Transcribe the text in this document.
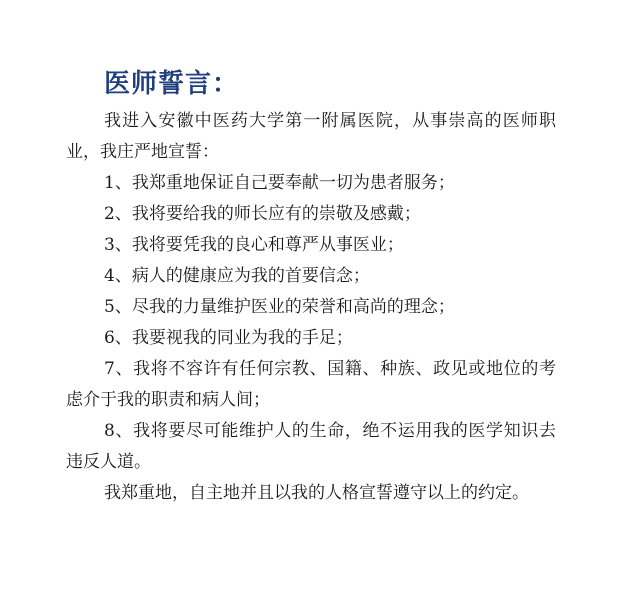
医师誓言：

我进入安徽中医药大学第一附属医院，从事崇高的医师职业，我庄严地宣誓：

1、我郑重地保证自己要奉献一切为患者服务；

2、我将要给我的师长应有的崇敬及感戴；

3、我将要凭我的良心和尊严从事医业；

4、病人的健康应为我的首要信念；

5、尽我的力量维护医业的荣誉和高尚的理念；

6、我要视我的同业为我的手足；

7、我将不容许有任何宗教、国籍、种族、政见或地位的考虑介于我的职责和病人间；

8、我将要尽可能维护人的生命，绝不运用我的医学知识去违反人道。

我郑重地，自主地并且以我的人格宣誓遵守以上的约定。
